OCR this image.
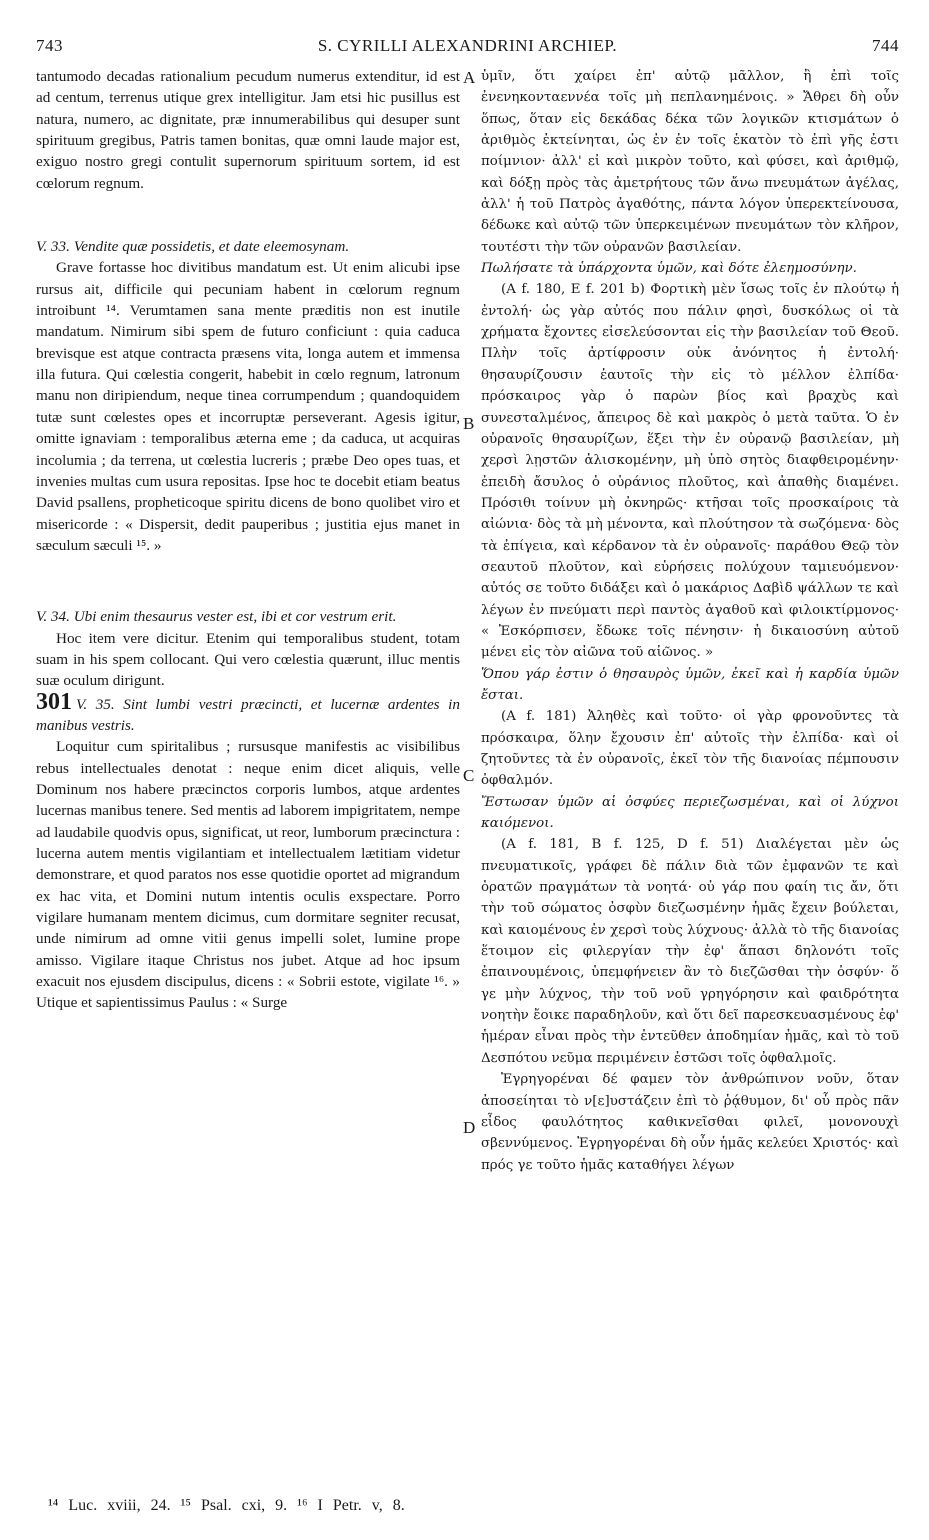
743	S. CYRILLI ALEXANDRINI ARCHIEP.	744

tantumodo decadas rationalium pecudum numerus extenditur, id est ad centum, terrenus utique grex intelligitur. Jam etsi hic pusillus est natura, numero, ac dignitate, præ innumerabilibus qui desuper sunt spirituum gregibus, Patris tamen bonitas, quæ omni laude major est, exiguo nostro gregi contulit supernorum spirituum sortem, id est cœlorum regnum.

V. 33. Vendite quæ possidetis, et date eleemosynam.

Grave fortasse hoc divitibus mandatum est. Ut enim alicubi ipse rursus ait, difficile qui pecuniam habent in cœlorum regnum introibunt ¹⁴. Verumtamen sana mente præditis non est inutile mandatum. Nimirum sibi spem de futuro conficiunt : quia caduca brevisque est atque contracta præsens vita, longa autem et immensa illa futura. Qui cœlestia congerit, habebit in cœlo regnum, latronum manu non diripiendum, neque tinea corrumpendum ; quandoquidem tutæ sunt cœlestes opes et incorruptæ perseverant. Agesis igitur, omitte ignaviam : temporalibus æterna eme ; da caduca, ut acquiras incolumia ; da terrena, ut cœlestia lucreris ; præbe Deo opes tuas, et invenies multas cum usura repositas. Ipse hoc te docebit etiam beatus David psallens, propheticoque spiritu dicens de bono quolibet viro et misericorde : « Dispersit, dedit pauperibus ; justitia ejus manet in sæculum sæculi ¹⁵. »

V. 34. Ubi enim thesaurus vester est, ibi et cor vestrum erit.

Hoc item vere dicitur. Etenim qui temporalibus student, totam suam in his spem collocant. Qui vero cœlestia quærunt, illuc mentis suæ oculum dirigunt.

301 V. 35. Sint lumbi vestri præcincti, et lucernæ ardentes in manibus vestris.

Loquitur cum spiritalibus ; rursusque manifestis ac visibilibus rebus intellectuales denotat : neque enim dicet aliquis, velle Dominum nos habere præcinctos corporis lumbos, atque ardentes lucernas manibus tenere. Sed mentis ad laborem impigritatem, nempe ad laudabile quodvis opus, significat, ut reor, lumborum præcinctura : lucerna autem mentis vigilantiam et intellectualem lætitiam videtur demonstrare, et quod paratos nos esse quotidie oportet ad migrandum ex hac vita, et Domini nutum intentis oculis exspectare. Porro vigilare humanam mentem dicimus, cum dormitare segniter recusat, unde nimirum ad omne vitii genus impelli solet, lumine prope amisso. Vigilare itaque Christus nos jubet. Atque ad hoc ipsum exacuit nos ejusdem discipulus, dicens : « Sobrii estote, vigilate ¹⁶. » Utique et sapientissimus Paulus : « Surge

A
B
C
D

ὑμῖν, ὅτι χαίρει ἐπ' αὐτῷ μᾶλλον, ἢ ἐπὶ τοῖς ἐνενηκονταεννέα τοῖς μὴ πεπλανημένοις. » Ἄθρει δὴ οὖν ὅπως, ὅταν εἰς δεκάδας δέκα τῶν λογικῶν κτισμάτων ὁ ἀριθμὸς ἐκτείνηται, ὡς ἐν ἐν τοῖς ἑκατὸν τὸ ἐπὶ γῆς ἐστι ποίμνιον· ἀλλ' εἰ καὶ μικρὸν τοῦτο, καὶ φύσει, καὶ ἀριθμῷ, καὶ δόξῃ πρὸς τὰς ἀμετρήτους τῶν ἄνω πνευμάτων ἀγέλας, ἀλλ' ἡ τοῦ Πατρὸς ἀγαθότης, πάντα λόγον ὑπερεκτείνουσα, δέδωκε καὶ αὐτῷ τῶν ὑπερκειμένων πνευμάτων τὸν κλῆρον, τουτέστι τὴν τῶν οὐρανῶν βασιλείαν.

Πωλήσατε τὰ ὑπάρχοντα ὑμῶν, καὶ δότε ἐλεημοσύνην.

(A f. 180, E f. 201 b) Φορτικὴ μὲν ἴσως τοῖς ἐν πλούτῳ ἡ ἐντολή· ὡς γὰρ αὐτός που πάλιν φησὶ, δυσκόλως οἱ τὰ χρήματα ἔχοντες εἰσελεύσονται εἰς τὴν βασιλείαν τοῦ Θεοῦ. Πλὴν τοῖς ἀρτίφροσιν οὐκ ἀνόνητος ἡ ἐντολή· θησαυρίζουσιν ἑαυτοῖς τὴν εἰς τὸ μέλλον ἐλπίδα· πρόσκαιρος γὰρ ὁ παρὼν βίος καὶ βραχὺς καὶ συνεσταλμένος, ἄπειρος δὲ καὶ μακρὸς ὁ μετὰ ταῦτα. Ὁ ἐν οὐρανοῖς θησαυρίζων, ἕξει τὴν ἐν οὐρανῷ βασιλείαν, μὴ χερσὶ λῃστῶν ἁλισκομένην, μὴ ὑπὸ σητὸς διαφθειρομένην· ἐπειδὴ ἄσυλος ὁ οὐράνιος πλοῦτος, καὶ ἀπαθὴς διαμένει. Πρόσιθι τοίνυν μὴ ὀκνηρῶς· κτῆσαι τοῖς προσκαίροις τὰ αἰώνια· δὸς τὰ μὴ μένοντα, καὶ πλούτησον τὰ σωζόμενα· δὸς τὰ ἐπίγεια, καὶ κέρδανον τὰ ἐν οὐρανοῖς· παράθου Θεῷ τὸν σεαυτοῦ πλοῦτον, καὶ εὑρήσεις πολύχουν ταμιευόμενον· αὐτός σε τοῦτο διδάξει καὶ ὁ μακάριος Δαβὶδ ψάλλων τε καὶ λέγων ἐν πνεύματι περὶ παντὸς ἀγαθοῦ καὶ φιλοικτίρμονος· « Ἐσκόρπισεν, ἔδωκε τοῖς πένησιν· ἡ δικαιοσύνη αὐτοῦ μένει εἰς τὸν αἰῶνα τοῦ αἰῶνος. »

Ὅπου γάρ ἐστιν ὁ θησαυρὸς ὑμῶν, ἐκεῖ καὶ ἡ καρδία ὑμῶν ἔσται.

(A f. 181) Ἀληθὲς καὶ τοῦτο· οἱ γὰρ φρονοῦντες τὰ πρόσκαιρα, ὅλην ἔχουσιν ἐπ' αὐτοῖς τὴν ἐλπίδα· καὶ οἱ ζητοῦντες τὰ ἐν οὐρανοῖς, ἐκεῖ τὸν τῆς διανοίας πέμπουσιν ὀφθαλμόν.

Ἔστωσαν ὑμῶν αἱ ὀσφύες περιεζωσμέναι, καὶ οἱ λύχνοι καιόμενοι.

(A f. 181, B f. 125, D f. 51) Διαλέγεται μὲν ὡς πνευματικοῖς, γράφει δὲ πάλιν διὰ τῶν ἐμφανῶν τε καὶ ὁρατῶν πραγμάτων τὰ νοητά· οὐ γάρ που φαίη τις ἄν, ὅτι τὴν τοῦ σώματος ὀσφὺν διεζωσμένην ἡμᾶς ἔχειν βούλεται, καὶ καιομένους ἐν χερσὶ τοὺς λύχνους· ἀλλὰ τὸ τῆς διανοίας ἕτοιμον εἰς φιλεργίαν τὴν ἐφ' ἅπασι δηλονότι τοῖς ἐπαινουμένοις, ὑπεμφήνειεν ἂν τὸ διεζῶσθαι τὴν ὀσφύν· ὅ γε μὴν λύχνος, τὴν τοῦ νοῦ γρηγόρησιν καὶ φαιδρότητα νοητὴν ἔοικε παραδηλοῦν, καὶ ὅτι δεῖ παρεσκευασμένους ἐφ' ἡμέραν εἶναι πρὸς τὴν ἐντεῦθεν ἀποδημίαν ἡμᾶς, καὶ τὸ τοῦ Δεσπότου νεῦμα περιμένειν ἐστῶσι τοῖς ὀφθαλμοῖς.

Ἐγρηγορέναι δέ φαμεν τὸν ἀνθρώπινον νοῦν, ὅταν ἀποσείηται τὸ ν[ε]υστάζειν ἐπὶ τὸ ῥᾴθυμον, δι' οὗ πρὸς πᾶν εἶδος φαυλότητος καθικνεῖσθαι φιλεῖ, μονονουχὶ σβεννύμενος. Ἐγρηγορέναι δὴ οὖν ἡμᾶς κελεύει Χριστός· καὶ πρός γε τοῦτο ἡμᾶς καταθήγει λέγων

¹⁴ Luc. xviii, 24. ¹⁵ Psal. cxi, 9. ¹⁶ I Petr. v, 8.
